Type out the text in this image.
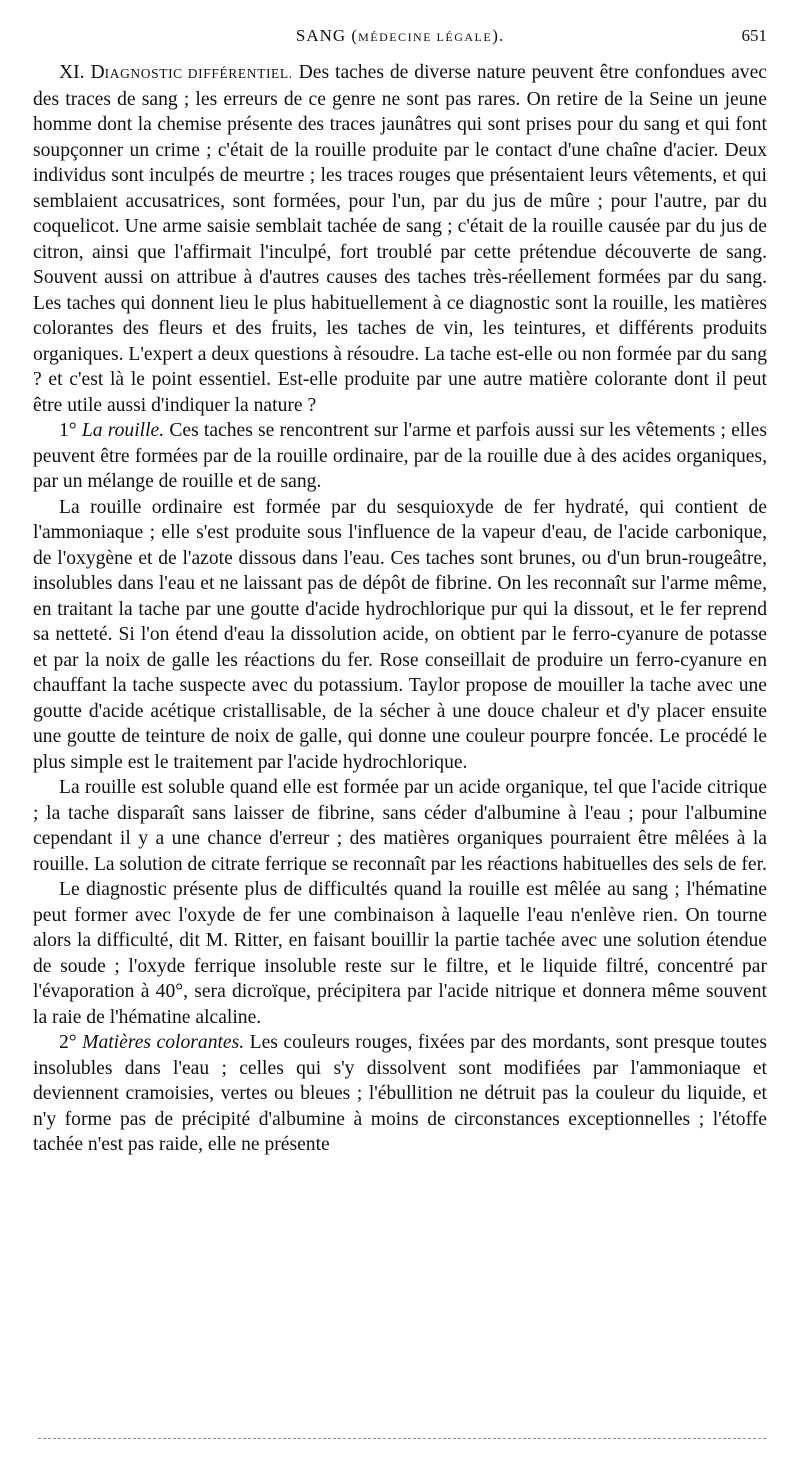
SANG (MÉDECINE LÉGALE).	651

XI. DIAGNOSTIC DIFFÉRENTIEL. Des taches de diverse nature peuvent être confondues avec des traces de sang ; les erreurs de ce genre ne sont pas rares. On retire de la Seine un jeune homme dont la chemise présente des traces jaunâtres qui sont prises pour du sang et qui font soupçonner un crime ; c'était de la rouille produite par le contact d'une chaîne d'acier. Deux individus sont inculpés de meurtre ; les traces rouges que présentaient leurs vêtements, et qui semblaient accusatrices, sont formées, pour l'un, par du jus de mûre ; pour l'autre, par du coquelicot. Une arme saisie semblait tachée de sang ; c'était de la rouille causée par du jus de citron, ainsi que l'affirmait l'inculpé, fort troublé par cette prétendue découverte de sang. Souvent aussi on attribue à d'autres causes des taches très-réellement formées par du sang. Les taches qui donnent lieu le plus habituellement à ce diagnostic sont la rouille, les matières colorantes des fleurs et des fruits, les taches de vin, les teintures, et différents produits organiques. L'expert a deux questions à résoudre. La tache est-elle ou non formée par du sang ? et c'est là le point essentiel. Est-elle produite par une autre matière colorante dont il peut être utile aussi d'indiquer la nature ?

1° La rouille. Ces taches se rencontrent sur l'arme et parfois aussi sur les vêtements ; elles peuvent être formées par de la rouille ordinaire, par de la rouille due à des acides organiques, par un mélange de rouille et de sang.

La rouille ordinaire est formée par du sesquioxyde de fer hydraté, qui contient de l'ammoniaque ; elle s'est produite sous l'influence de la vapeur d'eau, de l'acide carbonique, de l'oxygène et de l'azote dissous dans l'eau. Ces taches sont brunes, ou d'un brun-rougeâtre, insolubles dans l'eau et ne laissant pas de dépôt de fibrine. On les reconnaît sur l'arme même, en traitant la tache par une goutte d'acide hydrochlorique pur qui la dissout, et le fer reprend sa netteté. Si l'on étend d'eau la dissolution acide, on obtient par le ferro-cyanure de potasse et par la noix de galle les réactions du fer. Rose conseillait de produire un ferro-cyanure en chauffant la tache suspecte avec du potassium. Taylor propose de mouiller la tache avec une goutte d'acide acétique cristallisable, de la sécher à une douce chaleur et d'y placer ensuite une goutte de teinture de noix de galle, qui donne une couleur pourpre foncée. Le procédé le plus simple est le traitement par l'acide hydrochlorique.

La rouille est soluble quand elle est formée par un acide organique, tel que l'acide citrique ; la tache disparaît sans laisser de fibrine, sans céder d'albumine à l'eau ; pour l'albumine cependant il y a une chance d'erreur ; des matières organiques pourraient être mêlées à la rouille. La solution de citrate ferrique se reconnaît par les réactions habituelles des sels de fer.

Le diagnostic présente plus de difficultés quand la rouille est mêlée au sang ; l'hématine peut former avec l'oxyde de fer une combinaison à laquelle l'eau n'enlève rien. On tourne alors la difficulté, dit M. Ritter, en faisant bouillir la partie tachée avec une solution étendue de soude ; l'oxyde ferrique insoluble reste sur le filtre, et le liquide filtré, concentré par l'évaporation à 40°, sera dicroïque, précipitera par l'acide nitrique et donnera même souvent la raie de l'hématine alcaline.

2° Matières colorantes. Les couleurs rouges, fixées par des mordants, sont presque toutes insolubles dans l'eau ; celles qui s'y dissolvent sont modifiées par l'ammoniaque et deviennent cramoisies, vertes ou bleues ; l'ébullition ne détruit pas la couleur du liquide, et n'y forme pas de précipité d'albumine à moins de circonstances exceptionnelles ; l'étoffe tachée n'est pas raide, elle ne présente
